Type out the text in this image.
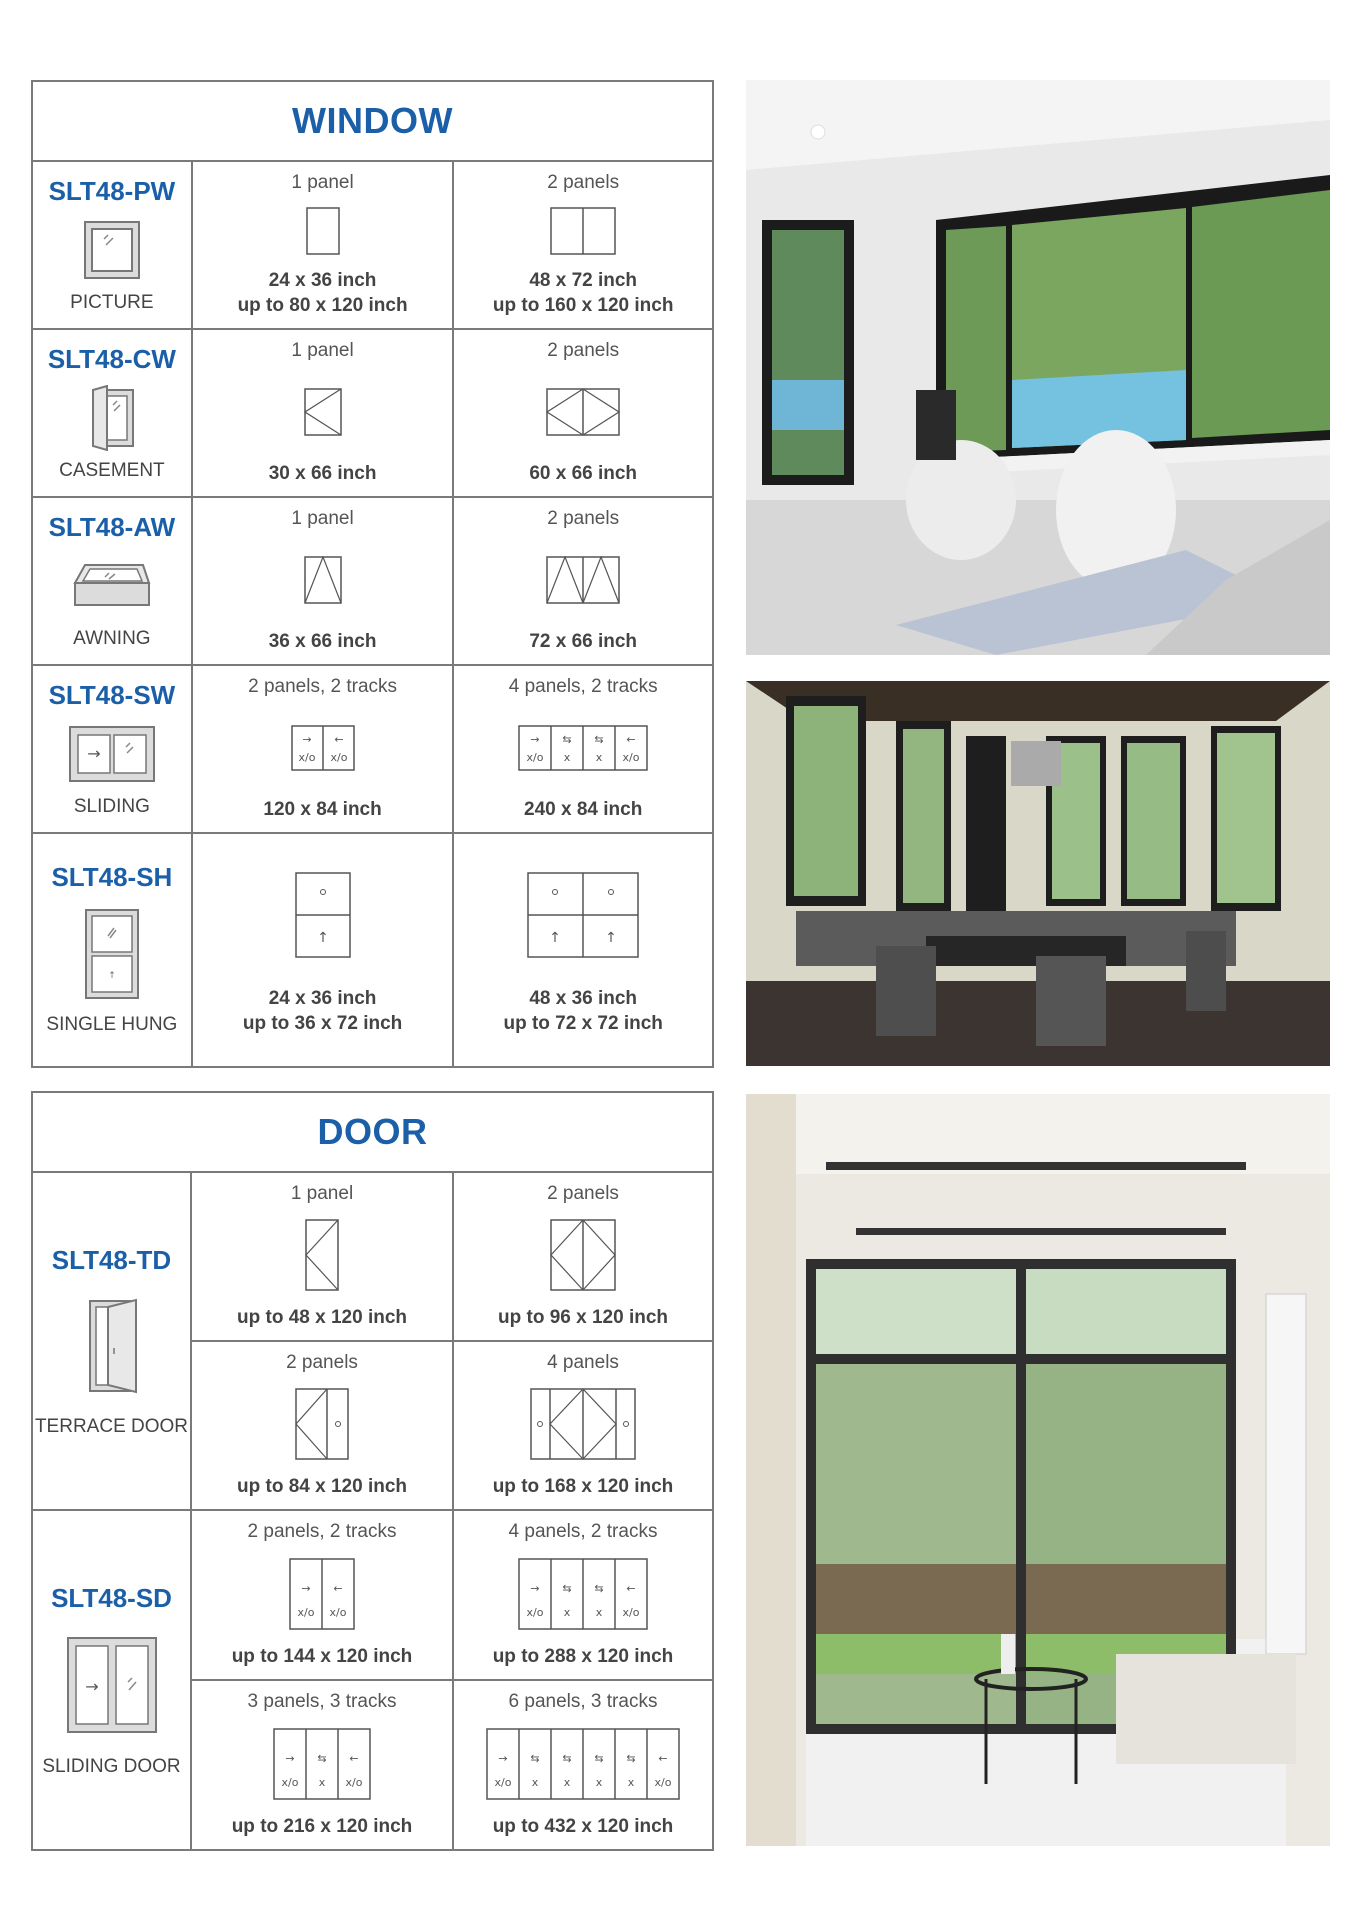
WINDOW
SLT48-PW
PICTURE
1 panel
24 x 36 inch
up to 80 x 120 inch
2 panels
48 x 72 inch
up to 160 x 120 inch
SLT48-CW
CASEMENT
1 panel
30 x 66 inch
2 panels
60 x 66 inch
SLT48-AW
AWNING
1 panel
36 x 66 inch
2 panels
72 x 66 inch
SLT48-SW
→
SLIDING
2 panels, 2 tracks
→ ←
x/o x/o
120 x 84 inch
4 panels, 2 tracks
→ ⇆ ⇆ ←
x/o x x x/o
240 x 84 inch
SLT48-SH
↑
SINGLE HUNG
↑
24 x 36 inch
up to 36 x 72 inch
↑	↑
48 x 36 inch
up to 72 x 72 inch
DOOR
SLT48-TD
TERRACE DOOR
1 panel
up to 48 x 120 inch
2 panels
up to 96 x 120 inch
2 panels
up to 84 x 120 inch
4 panels
up to 168 x 120 inch
SLT48-SD
→
SLIDING DOOR
2 panels, 2 tracks
→ ←
x/o x/o
up to 144 x 120 inch
4 panels, 2 tracks
→ ⇆ ⇆ ←
x/o x x x/o
up to 288 x 120 inch
3 panels, 3 tracks
→ ⇆ ←
x/o x x/o
up to 216 x 120 inch
6 panels, 3 tracks
→ ⇆ ⇆ ⇆ ⇆ ←
x/o x x x x x/o
up to 432 x 120 inch
